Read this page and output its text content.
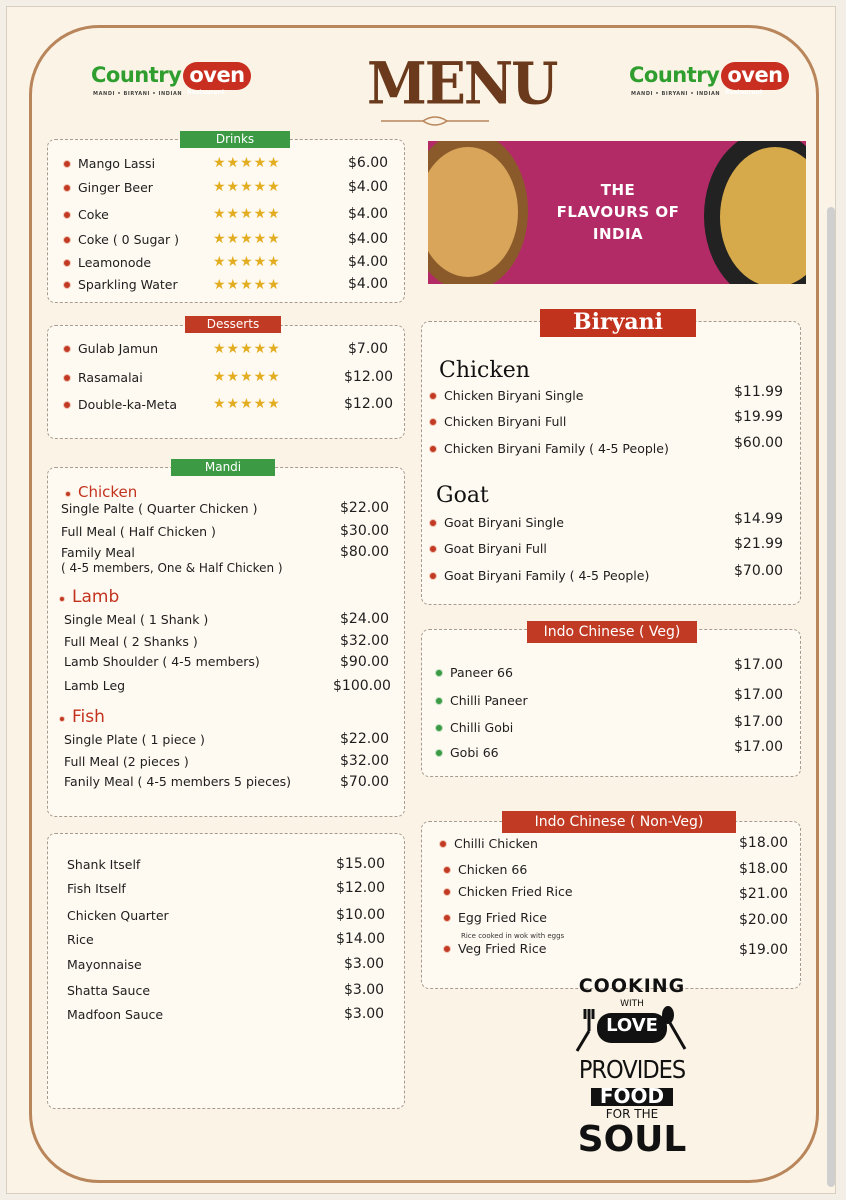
Country oven
MANDI • BIRYANI • INDIAN Restaurant
Country oven
MANDI • BIRYANI • INDIAN Restaurant
MENU
THE
FLAVOURS OF
INDIA
Drinks
Mango Lassi	★★★★★	$6.00
Ginger Beer	★★★★★	$4.00
Coke	★★★★★	$4.00
Coke ( 0 Sugar ) ★★★★★	$4.00
Leamonode	★★★★★	$4.00
Sparkling Water	★★★★★	$4.00
Desserts
Gulab Jamun	★★★★★	$7.00
Rasamalai	★★★★★	$12.00
Double-ka-Meta	★★★★★	$12.00
Mandi
Chicken
Single Palte ( Quarter Chicken )	$22.00
Full Meal ( Half Chicken )	$30.00
Family Meal	$80.00
( 4-5 members, One & Half Chicken )
Lamb
Single Meal ( 1 Shank )	$24.00
Full Meal ( 2 Shanks )	$32.00
Lamb Shoulder ( 4-5 members)	$90.00
Lamb Leg	$100.00
Fish
Single Plate ( 1 piece )	$22.00
Full Meal (2 pieces )	$32.00
Fanily Meal ( 4-5 members 5 pieces)	$70.00
Shank Itself	$15.00
Fish Itself	$12.00
Chicken Quarter	$10.00
Rice	$14.00
Mayonnaise	$3.00
Shatta Sauce	$3.00
Madfoon Sauce	$3.00
Biryani
Chicken
Chicken Biryani Single	$11.99
Chicken Biryani Full	$19.99
Chicken Biryani Family ( 4-5 People)	$60.00
Goat
Goat Biryani Single	$14.99
Goat Biryani Full	$21.99
Goat Biryani Family ( 4-5 People)	$70.00
Indo Chinese ( Veg)
Paneer 66	$17.00
Chilli Paneer	$17.00
Chilli Gobi	$17.00
Gobi 66	$17.00
Indo Chinese ( Non-Veg)
Chilli Chicken	$18.00
Chicken 66	$18.00
Chicken Fried Rice	$21.00
Egg Fried Rice	$20.00
Rice cooked in wok with eggs
Veg Fried Rice	$19.00
COOKING
WITH
LOVE
PROVIDES
FOOD
FOR THE
SOUL
